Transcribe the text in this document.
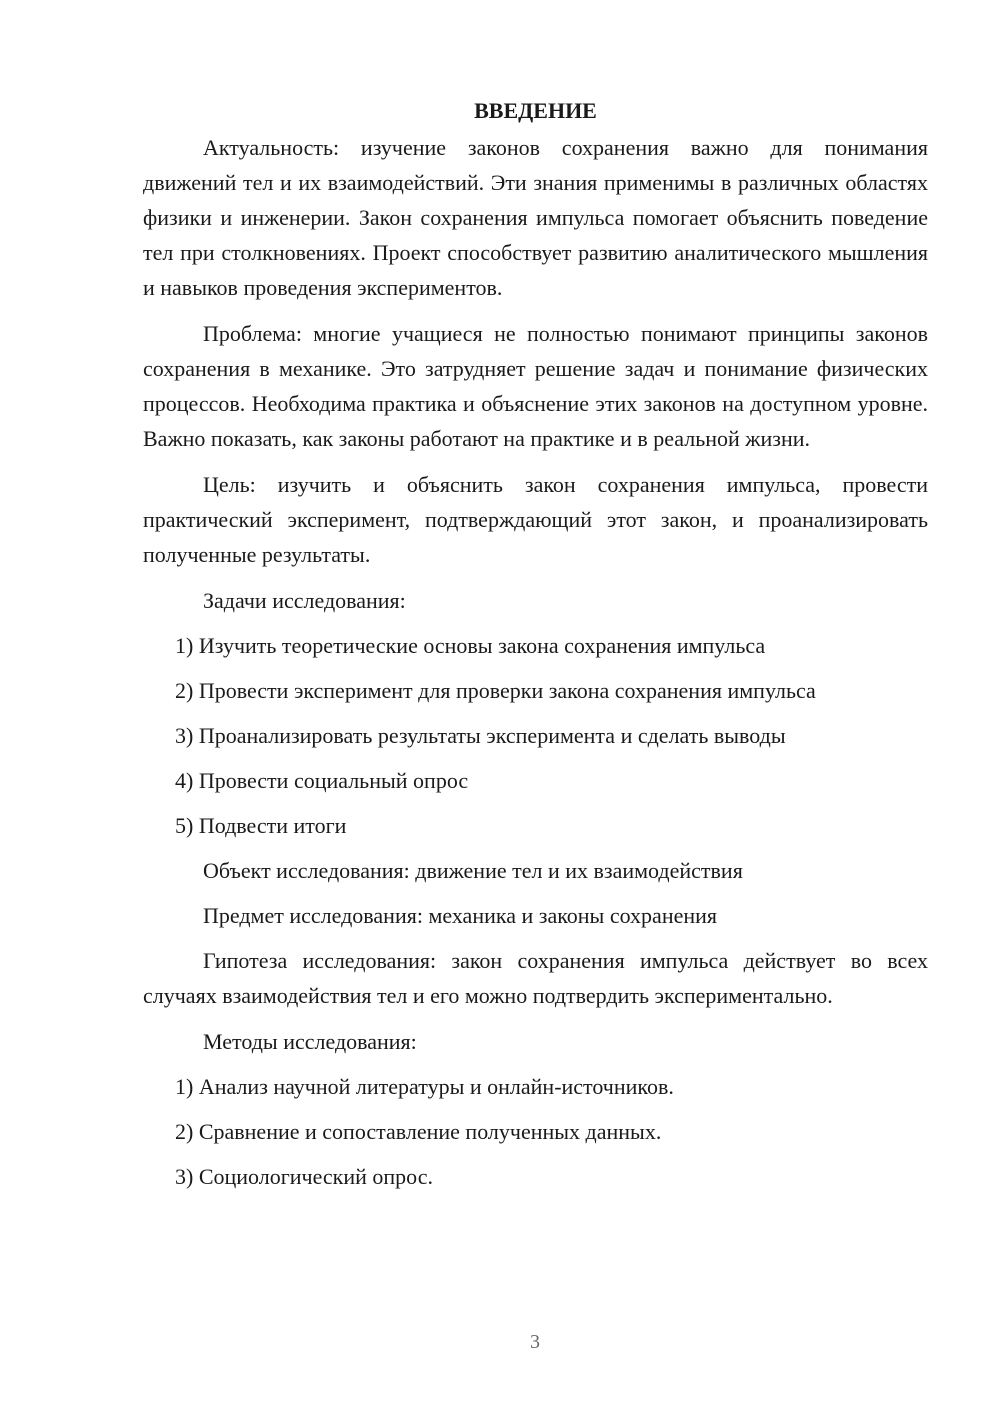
ВВЕДЕНИЕ

Актуальность: изучение законов сохранения важно для понимания движений тел и их взаимодействий. Эти знания применимы в различных областях физики и инженерии. Закон сохранения импульса помогает объяснить поведение тел при столкновениях. Проект способствует развитию аналитического мышления и навыков проведения экспериментов.

Проблема: многие учащиеся не полностью понимают принципы законов сохранения в механике. Это затрудняет решение задач и понимание физических процессов. Необходима практика и объяснение этих законов на доступном уровне. Важно показать, как законы работают на практике и в реальной жизни.

Цель: изучить и объяснить закон сохранения импульса, провести практический эксперимент, подтверждающий этот закон, и проанализировать полученные результаты.

Задачи исследования:
1) Изучить теоретические основы закона сохранения импульса
2) Провести эксперимент для проверки закона сохранения импульса
3) Проанализировать результаты эксперимента и сделать выводы
4) Провести социальный опрос
5) Подвести итоги
Объект исследования: движение тел и их взаимодействия
Предмет исследования: механика и законы сохранения

Гипотеза исследования: закон сохранения импульса действует во всех случаях взаимодействия тел и его можно подтвердить экспериментально.

Методы исследования:
1) Анализ научной литературы и онлайн-источников.
2) Сравнение и сопоставление полученных данных.
3) Социологический опрос.
3
